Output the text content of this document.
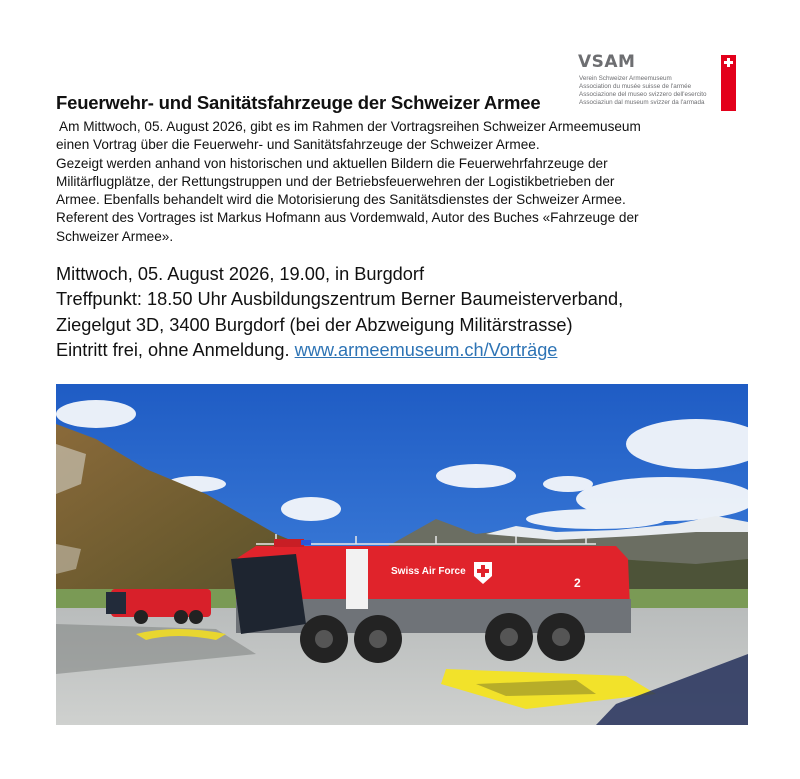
VSAM
Verein Schweizer Armeemuseum
Association du musée suisse de l'armée
Associazione del museo svizzero dell'esercito
Associaziun dal museum svizzer da l'armada
Feuerwehr- und Sanitätsfahrzeuge der Schweizer Armee

Am Mittwoch, 05. August 2026, gibt es im Rahmen der Vortragsreihen Schweizer Armeemuseum

einen Vortrag über die Feuerwehr- und Sanitätsfahrzeuge der Schweizer Armee.

Gezeigt werden anhand von historischen und aktuellen Bildern die Feuerwehrfahrzeuge der

Militärflugplätze, der Rettungstruppen und der Betriebsfeuerwehren der Logistikbetrieben der

Armee. Ebenfalls behandelt wird die Motorisierung des Sanitätsdienstes der Schweizer Armee.

Referent des Vortrages ist Markus Hofmann aus Vordemwald, Autor des Buches «Fahrzeuge der

Schweizer Armee».

Mittwoch, 05. August 2026, 19.00, in Burgdorf

Treffpunkt: 18.50 Uhr Ausbildungszentrum Berner Baumeisterverband,

Ziegelgut 3D, 3400 Burgdorf (bei der Abzweigung Militärstrasse)

Eintritt frei, ohne Anmeldung. www.armeemuseum.ch/Vorträge

Swiss Air Force
2
